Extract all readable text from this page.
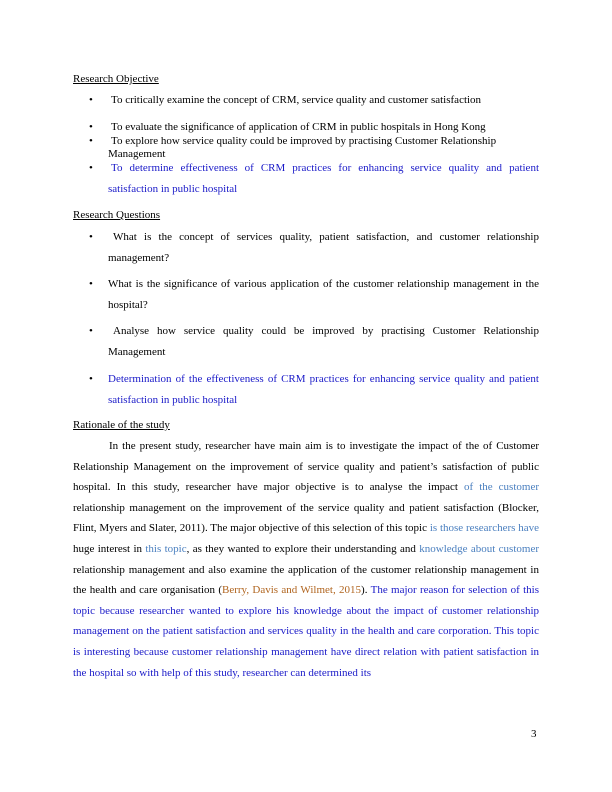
Research Objective
• To critically examine the concept of CRM, service quality and customer satisfaction
• To evaluate the significance of application of CRM in public hospitals in Hong Kong
• To explore how service quality could be improved by practising Customer Relationship Management
• To determine effectiveness of CRM practices for enhancing service quality and patient satisfaction in public hospital
Research Questions
•	What is the concept of services quality, patient satisfaction, and customer relationship management?
• What is the significance of various application of the customer relationship management in the hospital?
•	Analyse how service quality could be improved by practising Customer Relationship Management
• Determination of the effectiveness of CRM practices for enhancing service quality and patient satisfaction in public hospital
Rationale of the study

In the present study, researcher have main aim is to investigate the impact of the of Customer Relationship Management on the improvement of service quality and patient’s satisfaction of public hospital. In this study, researcher have major objective is to analyse the impact of the customer relationship management on the improvement of the service quality and patient satisfaction (Blocker, Flint, Myers and Slater, 2011). The major objective of this selection of this topic is those researchers have huge interest in this topic, as they wanted to explore their understanding and knowledge about customer relationship management and also examine the application of the customer relationship management in the health and care organisation (Berry, Davis and Wilmet, 2015). The major reason for selection of this topic because researcher wanted to explore his knowledge about the impact of customer relationship management on the patient satisfaction and services quality in the health and care corporation. This topic is interesting because customer relationship management have direct relation with patient satisfaction in the hospital so with help of this study, researcher can determined its

3
